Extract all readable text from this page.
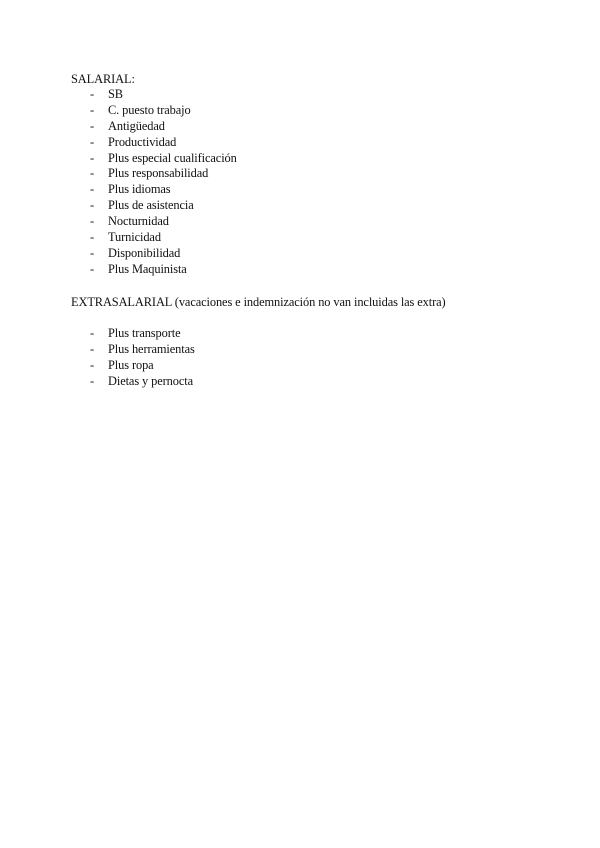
SALARIAL:
- SB
- C. puesto trabajo
- Antigüedad
- Productividad
- Plus especial cualificación
- Plus responsabilidad
- Plus idiomas
- Plus de asistencia
- Nocturnidad
- Turnicidad
- Disponibilidad
- Plus Maquinista
EXTRASALARIAL (vacaciones e indemnización no van incluidas las extra)
- Plus transporte
- Plus herramientas
- Plus ropa
- Dietas y pernocta
